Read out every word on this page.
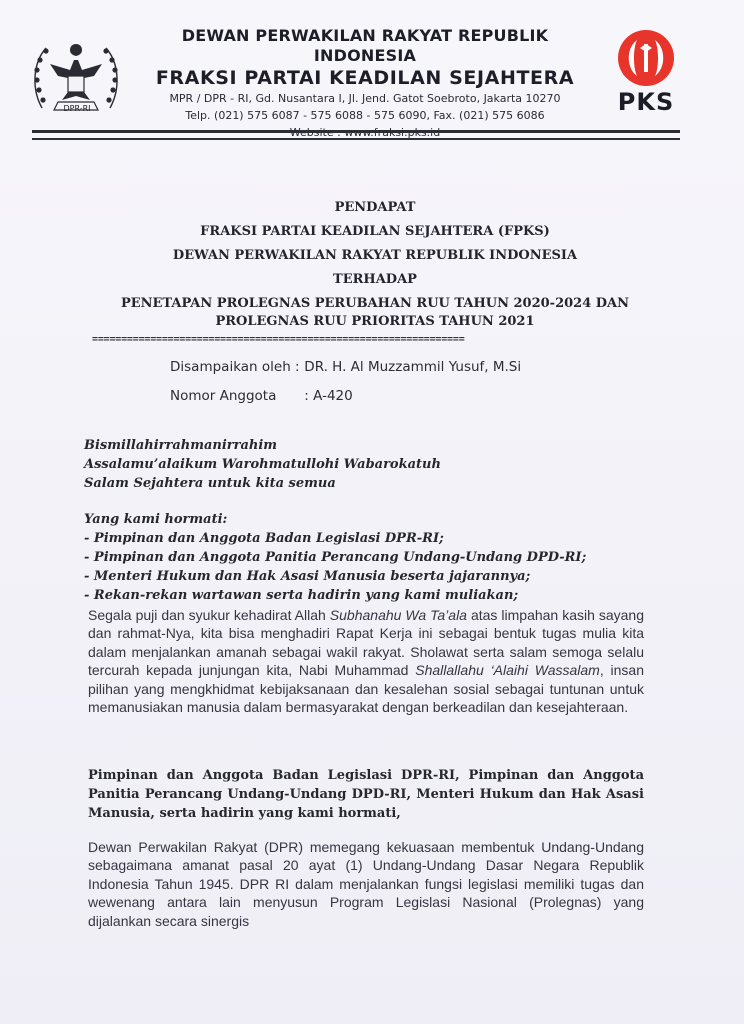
DPR-RI
DEWAN PERWAKILAN RAKYAT REPUBLIK INDONESIA
FRAKSI PARTAI KEADILAN SEJAHTERA
MPR / DPR - RI, Gd. Nusantara I, Jl. Jend. Gatot Soebroto, Jakarta 10270
Telp. (021) 575 6087 - 575 6088 - 575 6090, Fax. (021) 575 6086	PKS
PENDAPAT
FRAKSI PARTAI KEADILAN SEJAHTERA (FPKS)
DEWAN PERWAKILAN RAKYAT REPUBLIK INDONESIA
TERHADAP
PENETAPAN PROLEGNAS PERUBAHAN RUU TAHUN 2020-2024 DAN
PROLEGNAS RUU PRIORITAS TAHUN 2021
================================================================
Disampaikan oleh : DR. H. Al Muzzammil Yusuf, M.Si
Nomor Anggota : A-420
Bismillahirrahmanirrahim
Assalamu’alaikum Warohmatullohi Wabarokatuh
Salam Sejahtera untuk kita semua
Yang kami hormati:
- Pimpinan dan Anggota Badan Legislasi DPR-RI;
- Pimpinan dan Anggota Panitia Perancang Undang-Undang DPD-RI;
- Menteri Hukum dan Hak Asasi Manusia beserta jajarannya;
- Rekan-rekan wartawan serta hadirin yang kami muliakan;
Segala puji dan syukur kehadirat Allah Subhanahu Wa Ta’ala atas limpahan kasih sayang dan rahmat-Nya, kita bisa menghadiri Rapat Kerja ini sebagai bentuk tugas mulia kita dalam menjalankan amanah sebagai wakil rakyat. Sholawat serta salam semoga selalu tercurah kepada junjungan kita, Nabi Muhammad Shallallahu ‘Alaihi Wassalam, insan pilihan yang mengkhidmat kebijaksanaan dan kesalehan sosial sebagai tuntunan untuk memanusiakan manusia dalam bermasyarakat dengan berkeadilan dan kesejahteraan.
Pimpinan dan Anggota Badan Legislasi DPR-RI, Pimpinan dan Anggota Panitia Perancang Undang-Undang DPD-RI, Menteri Hukum dan Hak Asasi Manusia, serta hadirin yang kami hormati,
Dewan Perwakilan Rakyat (DPR) memegang kekuasaan membentuk Undang-Undang sebagaimana amanat pasal 20 ayat (1) Undang-Undang Dasar Negara Republik Indonesia Tahun 1945. DPR RI dalam menjalankan fungsi legislasi memiliki tugas dan wewenang antara lain menyusun Program Legislasi Nasional (Prolegnas) yang dijalankan secara sinergis
